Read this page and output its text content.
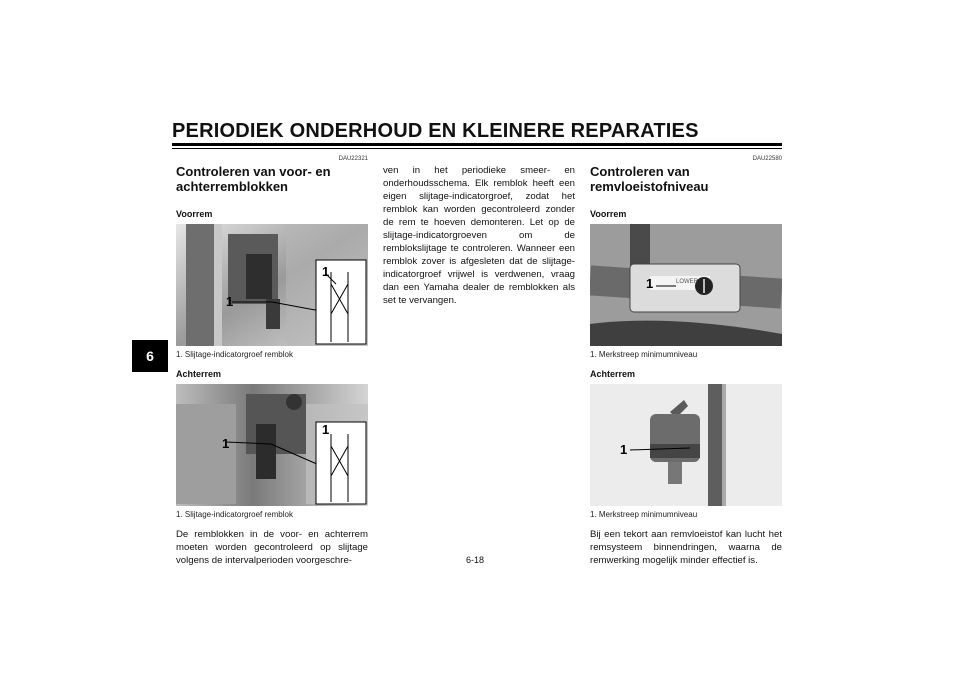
PERIODIEK ONDERHOUD EN KLEINERE REPARATIES
6
DAU22321
Controleren van voor- en achterremblokken
Voorrem
1
1
1. Slijtage-indicatorgroef remblok
Achterrem
1
1
1. Slijtage-indicatorgroef remblok
De remblokken in de voor- en achterrem moeten worden gecontroleerd op slijtage volgens de intervalperioden voorgeschre-
ven in het periodieke smeer- en onderhoudsschema. Elk remblok heeft een eigen slijtage-indicatorgroef, zodat het remblok kan worden gecontroleerd zonder de rem te hoeven demonteren. Let op de slijtage-indicatorgroeven om de remblokslijtage te controleren. Wanneer een remblok zover is afgesleten dat de slijtage-indicatorgroef vrijwel is verdwenen, vraag dan een Yamaha dealer de remblokken als set te vervangen.
DAU22580
Controleren van remvloeistofniveau
Voorrem
1	LOWER
1. Merkstreep minimumniveau
Achterrem
1
1. Merkstreep minimumniveau
Bij een tekort aan remvloeistof kan lucht het remsysteem binnendringen, waarna de remwerking mogelijk minder effectief is.
6-18
